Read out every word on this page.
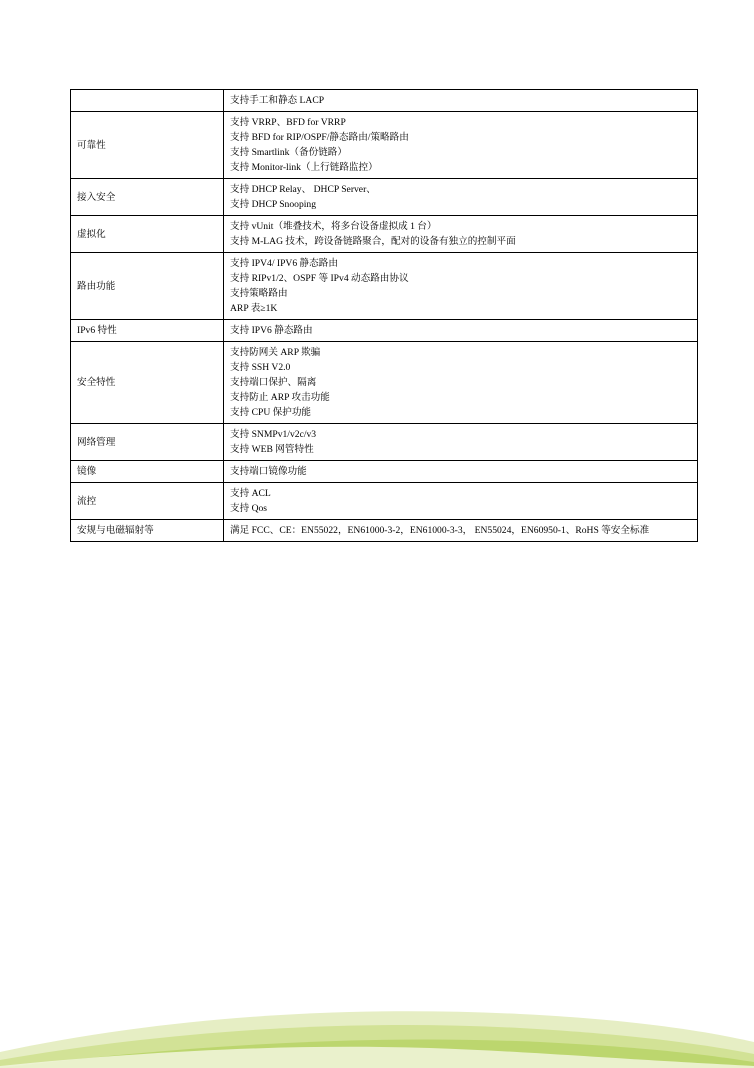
	支持手工和静态 LACP

可靠性	支持 VRRP、BFD for VRRP
支持 BFD for RIP/OSPF/静态路由/策略路由
支持 Smartlink（备份链路）
支持 Monitor-link（上行链路监控）

接入安全	支持 DHCP Relay、 DHCP Server、
支持 DHCP Snooping

虚拟化	支持 vUnit（堆叠技术，将多台设备虚拟成 1 台）
支持 M-LAG 技术，跨设备链路聚合，配对的设备有独立的控制平面

路由功能	支持 IPV4/ IPV6 静态路由
支持 RIPv1/2、OSPF 等 IPv4 动态路由协议
支持策略路由
ARP 表≥1K

IPv6 特性	支持 IPV6 静态路由

安全特性	支持防网关 ARP 欺骗
支持 SSH V2.0
支持端口保护、隔离
支持防止 ARP 攻击功能
支持 CPU 保护功能

网络管理	支持 SNMPv1/v2c/v3
支持 WEB 网管特性

镜像	支持端口镜像功能

流控	支持 ACL
支持 Qos

安规与电磁辐射等	满足 FCC、CE：EN55022，EN61000-3-2，EN61000-3-3， EN55024，EN60950-1、RoHS 等安全标准
